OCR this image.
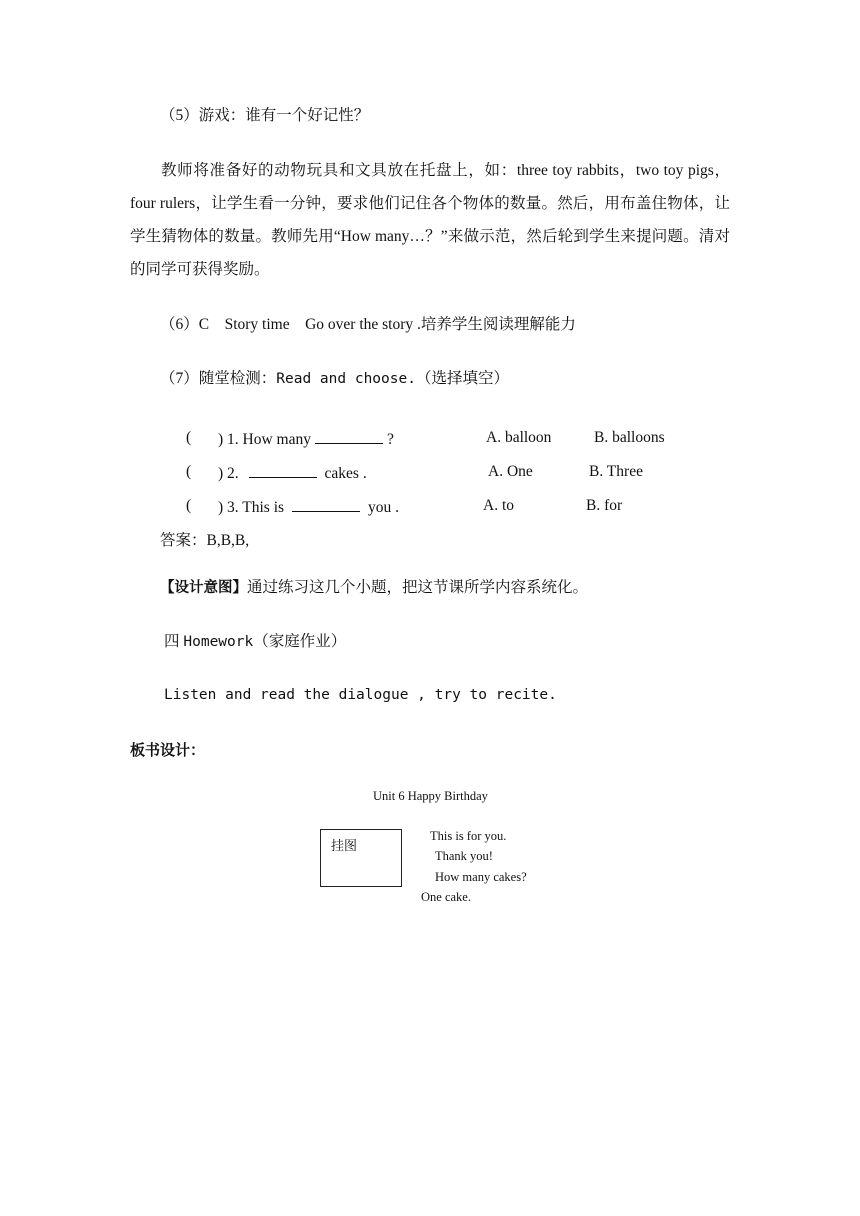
（5）游戏：谁有一个好记性？
教师将准备好的动物玩具和文具放在托盘上，如：three toy rabbits，two toy pigs，four rulers，让学生看一分钟，要求他们记住各个物体的数量。然后，用布盖住物体，让学生猜物体的数量。教师先用“How many…？”来做示范，然后轮到学生来提问题。清对的同学可获得奖励。
（6）C    Story time    Go over the story .培养学生阅读理解能力
（7）随堂检测：Read and choose.（选择填空）
( ) 1. How many	?	A. balloon	B. balloons
( ) 2.	cakes .	A. One	B. Three
( ) 3. This is	you .	A. to	B. for
答案：B,B,B,
【设计意图】通过练习这几个小题，把这节课所学内容系统化。
四 Homework（家庭作业）
Listen and read the dialogue , try to recite.
板书设计：
Unit 6 Happy Birthday
挂图
This is for you.
Thank you!
How many cakes?
One cake.
